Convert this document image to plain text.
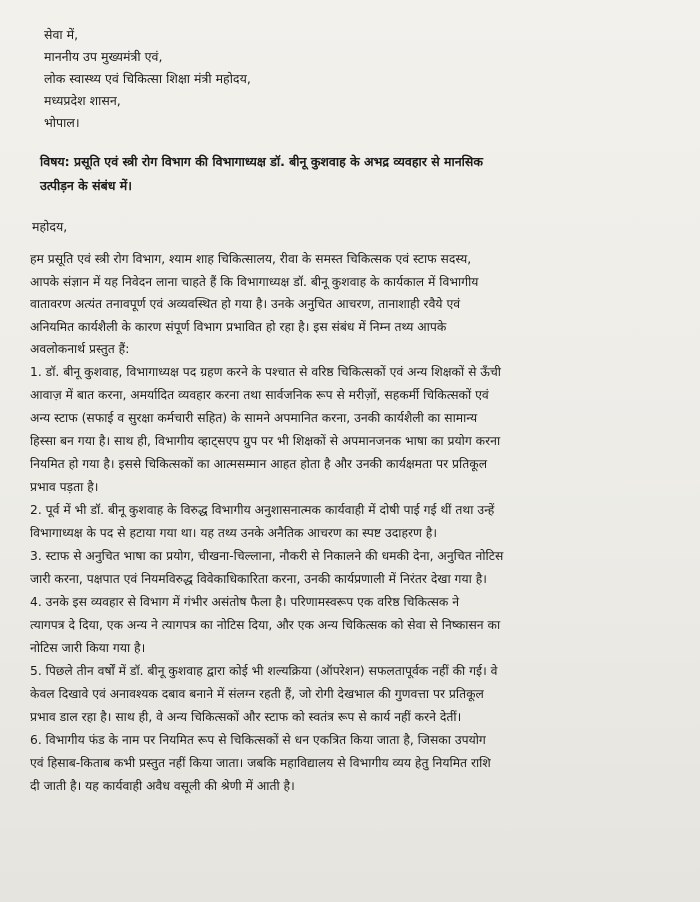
सेवा में,

माननीय उप मुख्यमंत्री एवं,

लोक स्वास्थ्य एवं चिकित्सा शिक्षा मंत्री महोदय,

मध्यप्रदेश शासन,

भोपाल।

विषय: प्रसूति एवं स्त्री रोग विभाग की विभागाध्यक्ष डॉ. बीनू कुशवाह के अभद्र व्यवहार से मानसिक

उत्पीड़न के संबंध में।

महोदय,

हम प्रसूति एवं स्त्री रोग विभाग, श्याम शाह चिकित्सालय, रीवा के समस्त चिकित्सक एवं स्टाफ सदस्य,

आपके संज्ञान में यह निवेदन लाना चाहते हैं कि विभागाध्यक्ष डॉ. बीनू कुशवाह के कार्यकाल में विभागीय

वातावरण अत्यंत तनावपूर्ण एवं अव्यवस्थित हो गया है। उनके अनुचित आचरण, तानाशाही रवैये एवं

अनियमित कार्यशैली के कारण संपूर्ण विभाग प्रभावित हो रहा है। इस संबंध में निम्न तथ्य आपके

अवलोकनार्थ प्रस्तुत हैं:

1. डॉ. बीनू कुशवाह, विभागाध्यक्ष पद ग्रहण करने के पश्चात से वरिष्ठ चिकित्सकों एवं अन्य शिक्षकों से ऊँची

आवाज़ में बात करना, अमर्यादित व्यवहार करना तथा सार्वजनिक रूप से मरीज़ों, सहकर्मी चिकित्सकों एवं

अन्य स्टाफ (सफाई व सुरक्षा कर्मचारी सहित) के सामने अपमानित करना, उनकी कार्यशैली का सामान्य

हिस्सा बन गया है। साथ ही, विभागीय व्हाट्सएप ग्रुप पर भी शिक्षकों से अपमानजनक भाषा का प्रयोग करना

नियमित हो गया है। इससे चिकित्सकों का आत्मसम्मान आहत होता है और उनकी कार्यक्षमता पर प्रतिकूल

प्रभाव पड़ता है।

2. पूर्व में भी डॉ. बीनू कुशवाह के विरुद्ध विभागीय अनुशासनात्मक कार्यवाही में दोषी पाई गई थीं तथा उन्हें

विभागाध्यक्ष के पद से हटाया गया था। यह तथ्य उनके अनैतिक आचरण का स्पष्ट उदाहरण है।

3. स्टाफ से अनुचित भाषा का प्रयोग, चीखना-चिल्लाना, नौकरी से निकालने की धमकी देना, अनुचित नोटिस

जारी करना, पक्षपात एवं नियमविरुद्ध विवेकाधिकारिता करना, उनकी कार्यप्रणाली में निरंतर देखा गया है।

4. उनके इस व्यवहार से विभाग में गंभीर असंतोष फैला है। परिणामस्वरूप एक वरिष्ठ चिकित्सक ने

त्यागपत्र दे दिया, एक अन्य ने त्यागपत्र का नोटिस दिया, और एक अन्य चिकित्सक को सेवा से निष्कासन का

नोटिस जारी किया गया है।

5. पिछले तीन वर्षों में डॉ. बीनू कुशवाह द्वारा कोई भी शल्यक्रिया (ऑपरेशन) सफलतापूर्वक नहीं की गई। वे

केवल दिखावे एवं अनावश्यक दबाव बनाने में संलग्न रहती हैं, जो रोगी देखभाल की गुणवत्ता पर प्रतिकूल

प्रभाव डाल रहा है। साथ ही, वे अन्य चिकित्सकों और स्टाफ को स्वतंत्र रूप से कार्य नहीं करने देतीं।

6. विभागीय फंड के नाम पर नियमित रूप से चिकित्सकों से धन एकत्रित किया जाता है, जिसका उपयोग

एवं हिसाब-किताब कभी प्रस्तुत नहीं किया जाता। जबकि महाविद्यालय से विभागीय व्यय हेतु नियमित राशि

दी जाती है। यह कार्यवाही अवैध वसूली की श्रेणी में आती है।
